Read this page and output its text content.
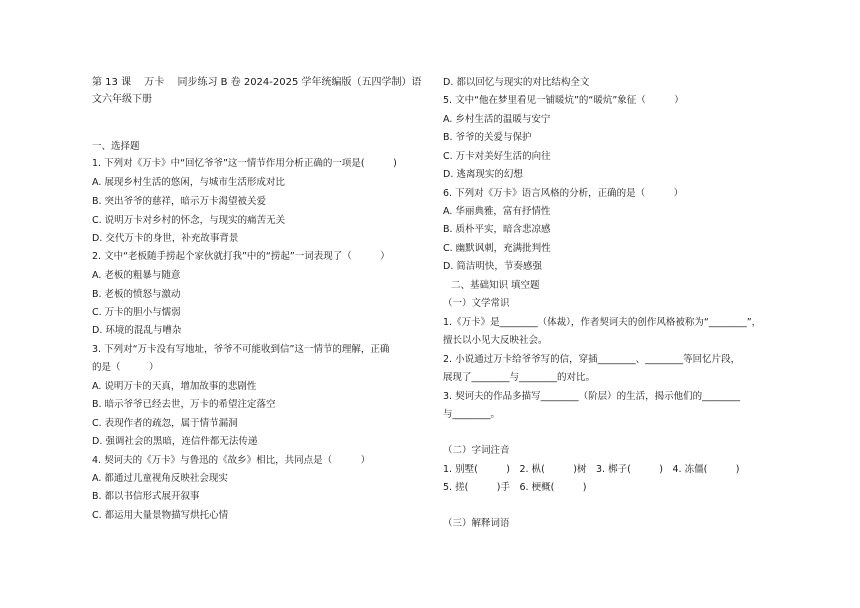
第 13 课　 万卡　 同步练习 B 卷 2024-2025 学年统编版（五四学制）语
文六年级下册
一、选择题
1. 下列对《万卡》中“回忆爷爷”这一情节作用分析正确的一项是(　　　)
A. 展现乡村生活的悠闲，与城市生活形成对比
B. 突出爷爷的慈祥，暗示万卡渴望被关爱
C. 说明万卡对乡村的怀念，与现实的痛苦无关
D. 交代万卡的身世，补充故事背景
2. 文中“老板随手捞起个家伙就打我”中的“捞起”一词表现了（　　　）
A. 老板的粗暴与随意
B. 老板的愤怒与激动
C. 万卡的胆小与懦弱
D. 环境的混乱与嘈杂
3. 下列对“万卡没有写地址，爷爷不可能收到信”这一情节的理解，正确
的是（　　　）
A. 说明万卡的天真，增加故事的悲剧性
B. 暗示爷爷已经去世，万卡的希望注定落空
C. 表现作者的疏忽，属于情节漏洞
D. 强调社会的黑暗，连信件都无法传递
4. 契诃夫的《万卡》与鲁迅的《故乡》相比，共同点是（　　　）
A. 都通过儿童视角反映社会现实
B. 都以书信形式展开叙事
C. 都运用大量景物描写烘托心情
D. 都以回忆与现实的对比结构全文
5. 文中“他在梦里看见一铺暖炕”的“暖炕”象征（　　　）
A. 乡村生活的温暖与安宁
B. 爷爷的关爱与保护
C. 万卡对美好生活的向往
D. 逃离现实的幻想
6. 下列对《万卡》语言风格的分析，正确的是（　　　）
A. 华丽典雅，富有抒情性
B. 质朴平实，暗含悲凉感
C. 幽默讽刺，充满批判性
D. 简洁明快，节奏感强
二、基础知识 填空题
（一）文学常识
1.《万卡》是________（体裁），作者契诃夫的创作风格被称为“________”，
擅长以小见大反映社会。
2. 小说通过万卡给爷爷写的信，穿插________、________等回忆片段，
展现了________与________的对比。
3. 契诃夫的作品多描写________（阶层）的生活，揭示他们的________
与________。
（二）字词注音
1. 别墅(　　　)　2. 枞(　　　)树　3. 梆子(　　　)　4. 冻僵(　　　)
5. 搓(　　　)手　6. 梗概(　　　)
（三）解释词语
